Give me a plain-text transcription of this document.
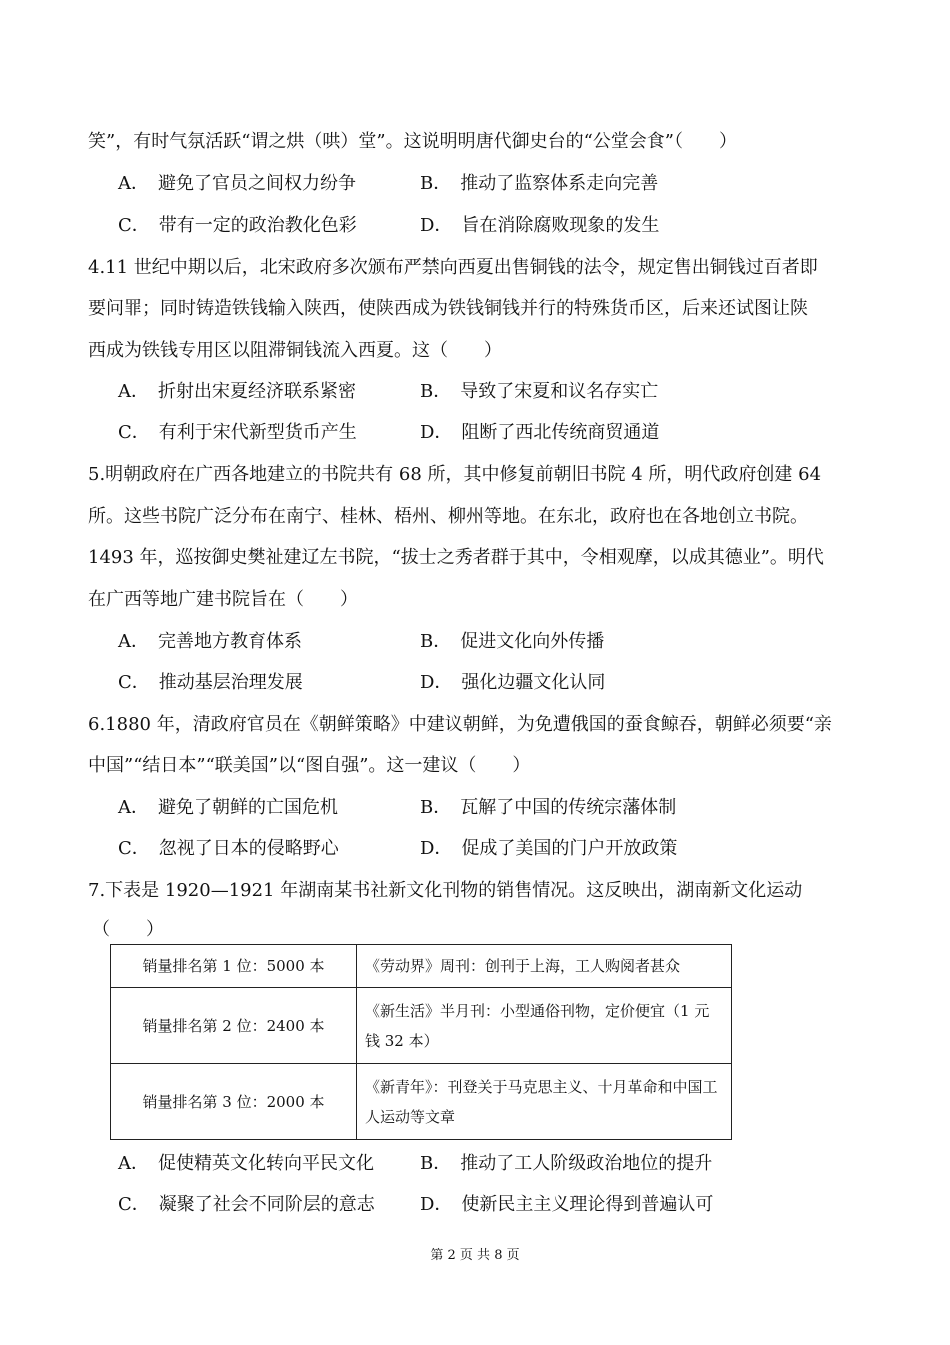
笑”，有时气氛活跃“谓之烘（哄）堂”。这说明明唐代御史台的“公堂会食”（　　）
A．　避免了官员之间权力纷争	B．　推动了监察体系走向完善
C．　带有一定的政治教化色彩	D．　旨在消除腐败现象的发生
4.11 世纪中期以后，北宋政府多次颁布严禁向西夏出售铜钱的法令，规定售出铜钱过百者即
要问罪；同时铸造铁钱输入陕西，使陕西成为铁钱铜钱并行的特殊货币区，后来还试图让陕
西成为铁钱专用区以阻滞铜钱流入西夏。这（　　）
A．　折射出宋夏经济联系紧密	B．　导致了宋夏和议名存实亡
C．　有利于宋代新型货币产生	D．　阻断了西北传统商贸通道
5.明朝政府在广西各地建立的书院共有 68 所，其中修复前朝旧书院 4 所，明代政府创建 64
所。这些书院广泛分布在南宁、桂林、梧州、柳州等地。在东北，政府也在各地创立书院。
1493 年，巡按御史樊祉建辽左书院，“拔士之秀者群于其中，令相观摩，以成其德业”。明代
在广西等地广建书院旨在（　　）
A．　完善地方教育体系	B．　促进文化向外传播
C．　推动基层治理发展	D．　强化边疆文化认同
6.1880 年，清政府官员在《朝鲜策略》中建议朝鲜，为免遭俄国的蚕食鲸吞，朝鲜必须要“亲
中国”“结日本”“联美国”以“图自强”。这一建议（　　）
A．　避免了朝鲜的亡国危机	B．　瓦解了中国的传统宗藩体制
C．　忽视了日本的侵略野心	D．　促成了美国的门户开放政策
7.下表是 1920—1921 年湖南某书社新文化刊物的销售情况。这反映出，湖南新文化运动
（　　）
销量排名第 1 位：5000 本	《劳动界》周刊：创刊于上海，工人购阅者甚众
销量排名第 2 位：2400 本	《新生活》半月刊：小型通俗刊物，定价便宜（1 元钱 32 本）
销量排名第 3 位：2000 本	《新青年》：刊登关于马克思主义、十月革命和中国工人运动等文章
A．　促使精英文化转向平民文化	B．　推动了工人阶级政治地位的提升
C．　凝聚了社会不同阶层的意志	D．　使新民主主义理论得到普遍认可
第 2 页 共 8 页
